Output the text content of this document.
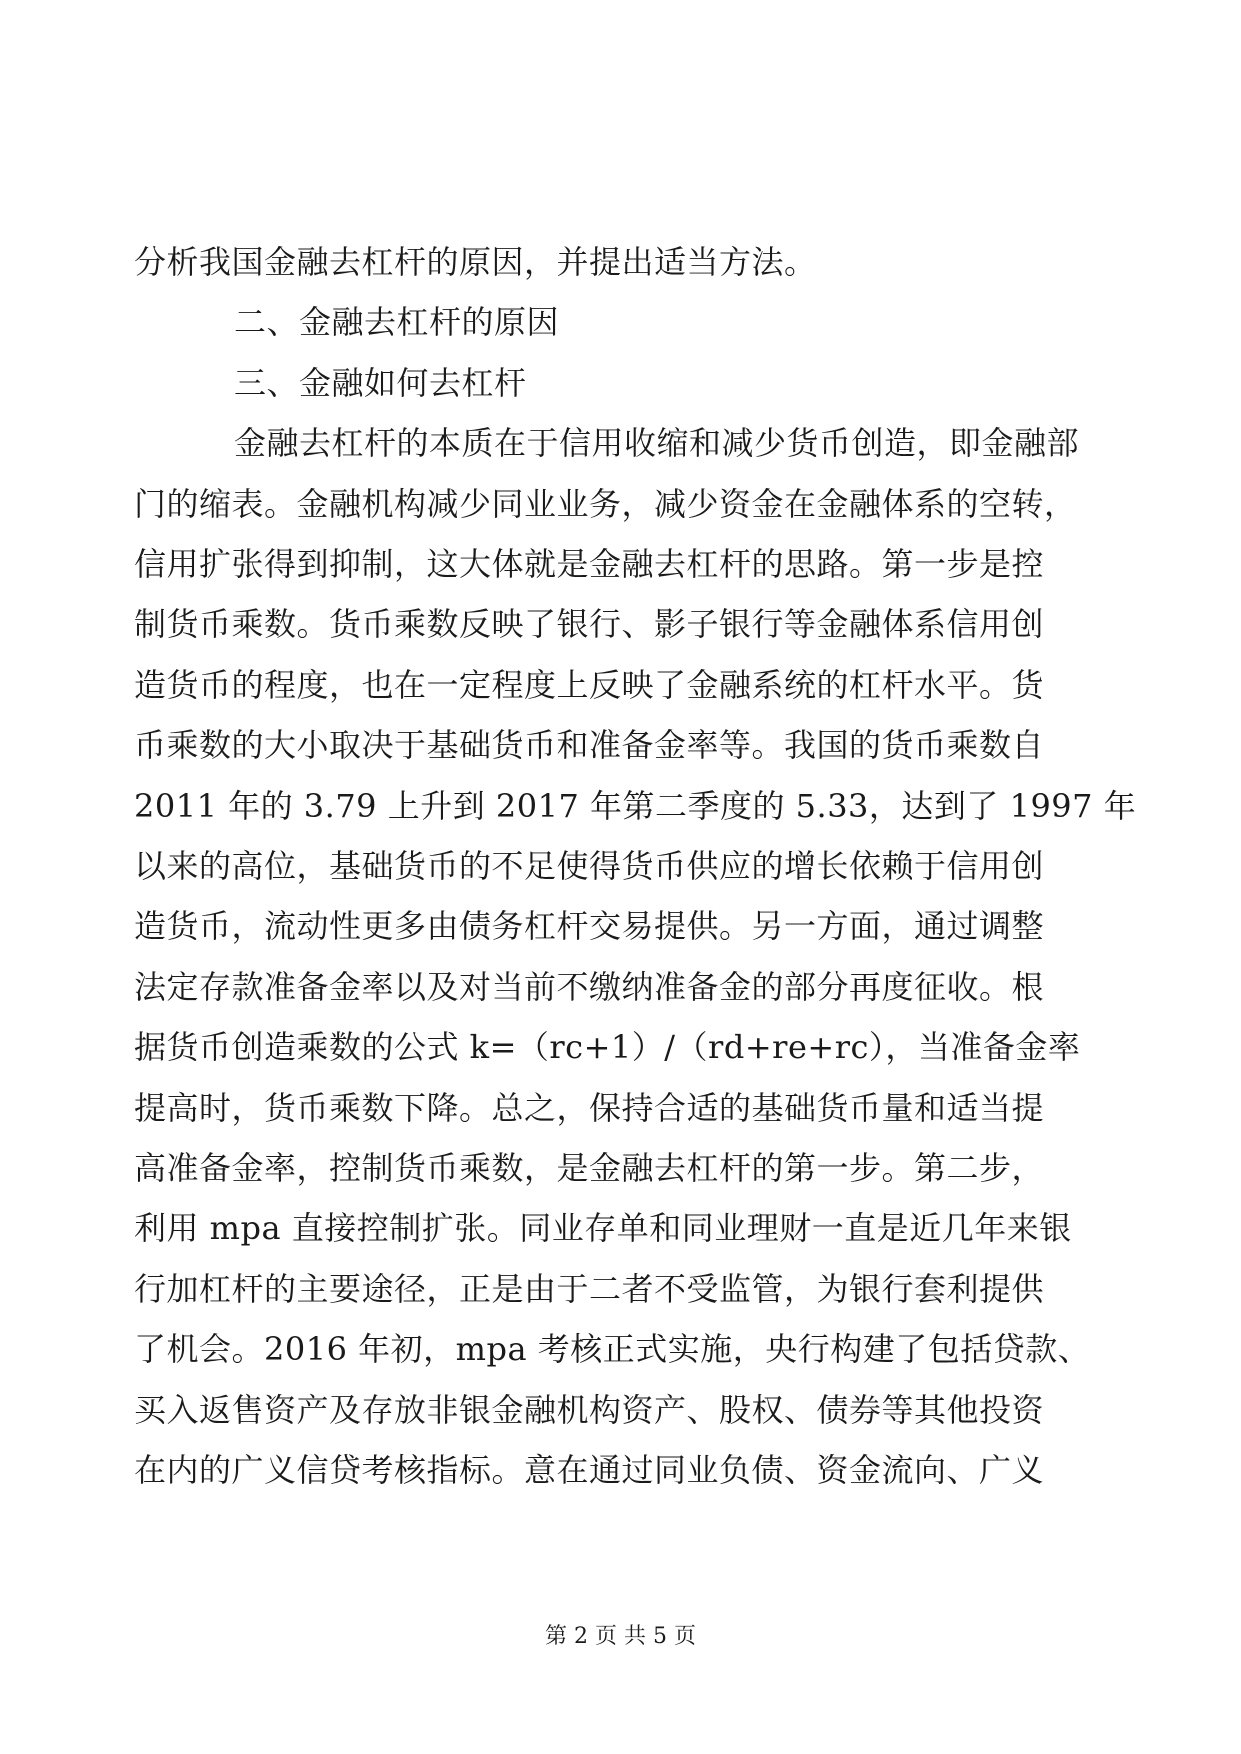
分析我国金融去杠杆的原因，并提出适当方法。
二、金融去杠杆的原因
三、金融如何去杠杆
金融去杠杆的本质在于信用收缩和减少货币创造，即金融部
门的缩表。金融机构减少同业业务，减少资金在金融体系的空转，
信用扩张得到抑制，这大体就是金融去杠杆的思路。第一步是控
制货币乘数。货币乘数反映了银行、影子银行等金融体系信用创
造货币的程度，也在一定程度上反映了金融系统的杠杆水平。货
币乘数的大小取决于基础货币和准备金率等。我国的货币乘数自
2011 年的 3.79 上升到 2017 年第二季度的 5.33，达到了 1997 年
以来的高位，基础货币的不足使得货币供应的增长依赖于信用创
造货币，流动性更多由债务杠杆交易提供。另一方面，通过调整
法定存款准备金率以及对当前不缴纳准备金的部分再度征收。根
据货币创造乘数的公式 k=（rc+1）/（rd+re+rc），当准备金率
提高时，货币乘数下降。总之，保持合适的基础货币量和适当提
高准备金率，控制货币乘数，是金融去杠杆的第一步。第二步，
利用 mpa 直接控制扩张。同业存单和同业理财一直是近几年来银
行加杠杆的主要途径，正是由于二者不受监管，为银行套利提供
了机会。2016 年初，mpa 考核正式实施，央行构建了包括贷款、
买入返售资产及存放非银金融机构资产、股权、债券等其他投资
在内的广义信贷考核指标。意在通过同业负债、资金流向、广义
第 2 页 共 5 页
